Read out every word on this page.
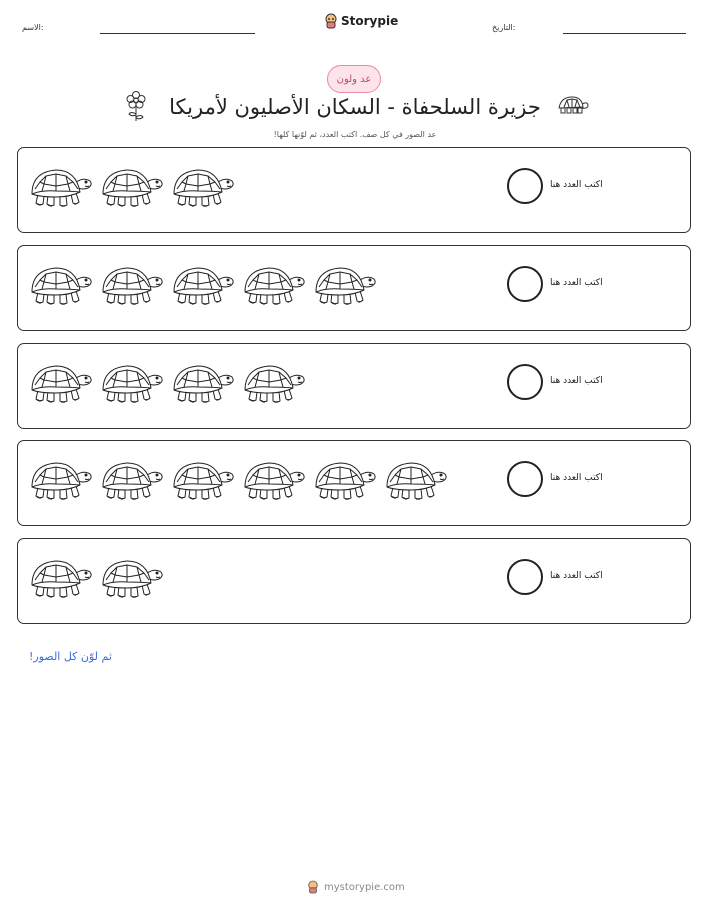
الاسم:	Storypie	التاريخ:
عد ولون
جزيرة السلحفاة - السكان الأصليون لأمريكا
عد الصور في كل صف. اكتب العدد، ثم لوّنها كلها!
اكتب العدد هنا
اكتب العدد هنا
اكتب العدد هنا
اكتب العدد هنا
اكتب العدد هنا
ثم لوّن كل الصور!
mystorypie.com
